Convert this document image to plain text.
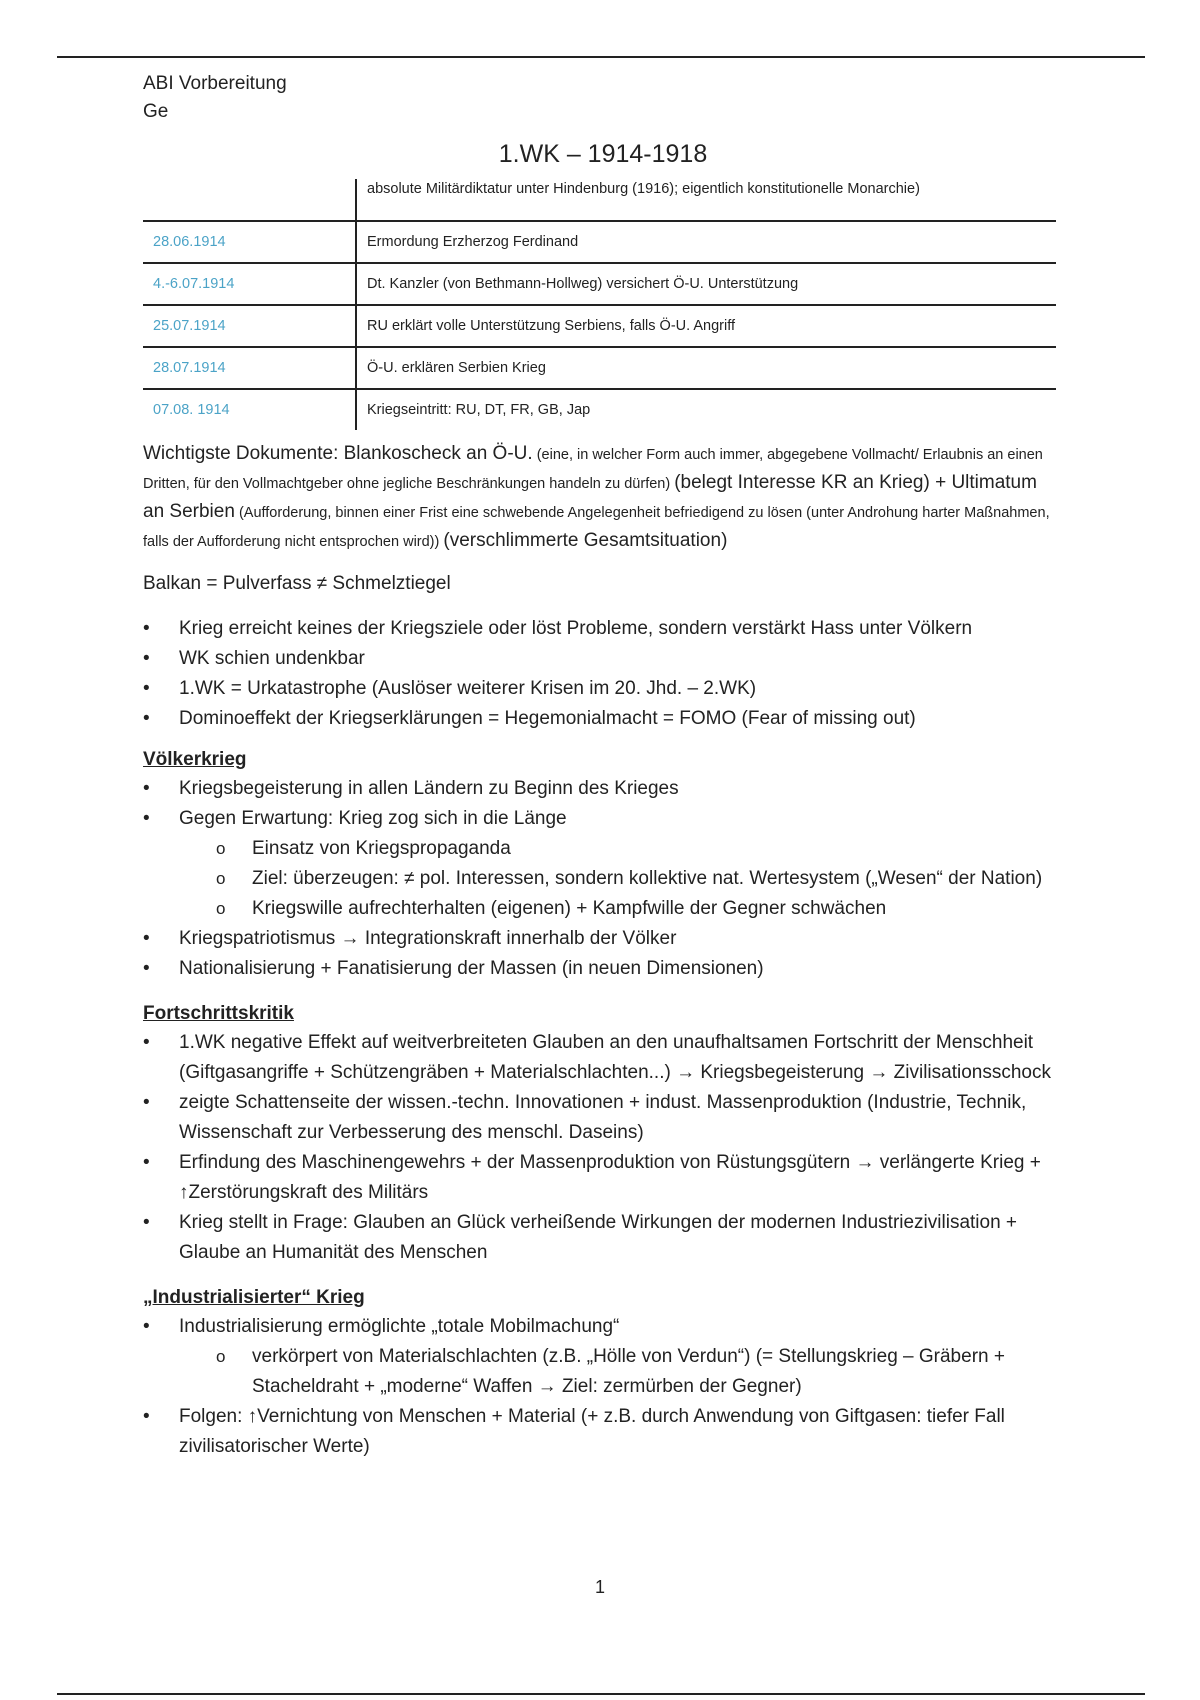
ABI Vorbereitung
Ge
1.WK – 1914-1918
	absolute Militärdiktatur unter Hindenburg (1916); eigentlich konstitutionelle Monarchie)
28.06.1914	Ermordung Erzherzog Ferdinand
4.-6.07.1914	Dt. Kanzler (von Bethmann-Hollweg) versichert Ö-U. Unterstützung
25.07.1914	RU erklärt volle Unterstützung Serbiens, falls Ö-U. Angriff
28.07.1914	Ö-U. erklären Serbien Krieg
07.08. 1914	Kriegseintritt: RU, DT, FR, GB, Jap
Wichtigste Dokumente: Blankoscheck an Ö-U. (eine, in welcher Form auch immer, abgegebene Vollmacht/ Erlaubnis an einen Dritten, für den Vollmachtgeber ohne jegliche Beschränkungen handeln zu dürfen) (belegt Interesse KR an Krieg) + Ultimatum an Serbien (Aufforderung, binnen einer Frist eine schwebende Angelegenheit befriedigend zu lösen (unter Androhung harter Maßnahmen, falls der Aufforderung nicht entsprochen wird)) (verschlimmerte Gesamtsituation)
Balkan = Pulverfass ≠ Schmelztiegel
• Krieg erreicht keines der Kriegsziele oder löst Probleme, sondern verstärkt Hass unter Völkern
• WK schien undenkbar
• 1.WK = Urkatastrophe (Auslöser weiterer Krisen im 20. Jhd. – 2.WK)
• Dominoeffekt der Kriegserklärungen = Hegemonialmacht = FOMO (Fear of missing out)
Völkerkrieg
• Kriegsbegeisterung in allen Ländern zu Beginn des Krieges
• Gegen Erwartung: Krieg zog sich in die Länge
o Einsatz von Kriegspropaganda
o Ziel: überzeugen: ≠ pol. Interessen, sondern kollektive nat. Wertesystem („Wesen“ der Nation)
o Kriegswille aufrechterhalten (eigenen) + Kampfwille der Gegner schwächen
• Kriegspatriotismus → Integrationskraft innerhalb der Völker
• Nationalisierung + Fanatisierung der Massen (in neuen Dimensionen)
Fortschrittskritik
• 1.WK negative Effekt auf weitverbreiteten Glauben an den unaufhaltsamen Fortschritt der Menschheit (Giftgasangriffe + Schützengräben + Materialschlachten...) → Kriegsbegeisterung → Zivilisationsschock
• zeigte Schattenseite der wissen.-techn. Innovationen + indust. Massenproduktion (Industrie, Technik, Wissenschaft zur Verbesserung des menschl. Daseins)
• Erfindung des Maschinengewehrs + der Massenproduktion von Rüstungsgütern → verlängerte Krieg + ↑Zerstörungskraft des Militärs
• Krieg stellt in Frage: Glauben an Glück verheißende Wirkungen der modernen Industriezivilisation + Glaube an Humanität des Menschen
„Industrialisierter“ Krieg
• Industrialisierung ermöglichte „totale Mobilmachung“
o verkörpert von Materialschlachten (z.B. „Hölle von Verdun“) (= Stellungskrieg – Gräbern + Stacheldraht + „moderne“ Waffen → Ziel: zermürben der Gegner)
• Folgen: ↑Vernichtung von Menschen + Material (+ z.B. durch Anwendung von Giftgasen: tiefer Fall zivilisatorischer Werte)
1
